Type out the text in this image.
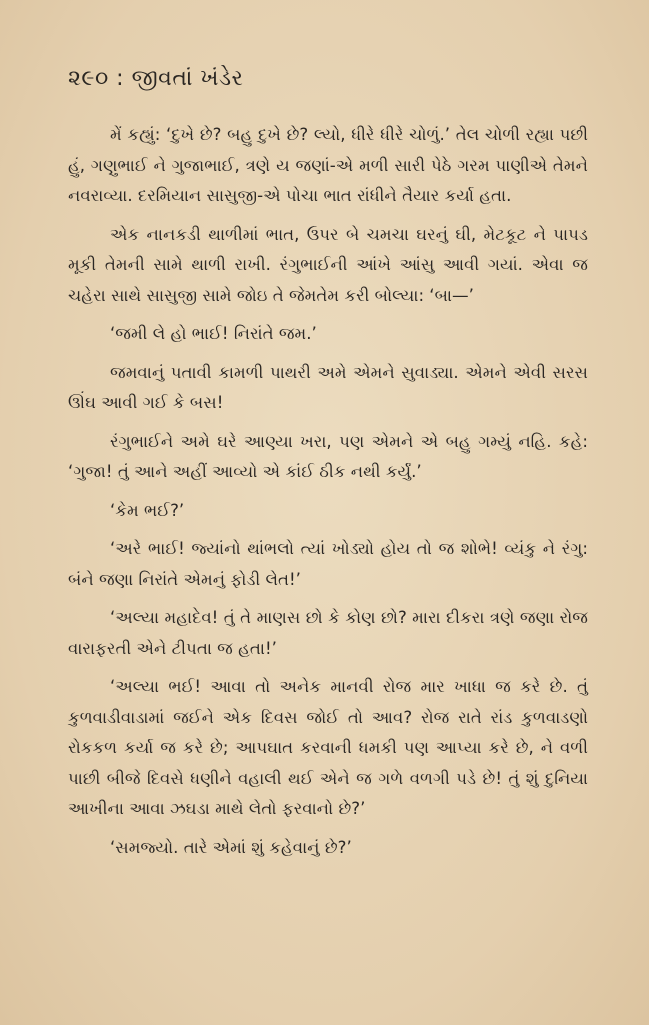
૨૯૦ : જીવતાં ખંડેર

મેં કહ્યું: ‘દુખે છે? બહુ દુખે છે? લ્યો, ધીરે ધીરે ચોળું.’ તેલ ચોળી રહ્યા પછી હું, ગણુભાઈ ને ગુજાભાઈ, ત્રણે ય જણાં-એ મળી સારી પેઠે ગરમ પાણીએ તેમને નવરાવ્યા. દરમિયાન સાસુજી-એ પોચા ભાત રાંધીને તૈયાર કર્યા હતા.

એક નાનકડી થાળીમાં ભાત, ઉપર બે ચમચા ઘરનું ઘી, મેટકૂટ ને પાપડ મૂકી તેમની સામે થાળી રાખી. રંગુભાઈની આંખે આંસુ આવી ગયાં. એવા જ ચહેરા સાથે સાસુજી સામે જોઇ તે જેમતેમ કરી બોલ્યા: ‘બા—’

‘જમી લે હો ભાઈ! નિરાંતે જમ.’

જમવાનું પતાવી કામળી પાથરી અમે એમને સુવાડ્યા. એમને એવી સરસ ઊંઘ આવી ગઈ કે બસ!

રંગુભાઈને અમે ઘરે આણ્યા ખરા, પણ એમને એ બહુ ગમ્યું નહિ. કહે: ‘ગુજા! તું આને અહીં આવ્યો એ કાંઈ ઠીક નથી કર્યું.’

‘કેમ ભઈ?’

‘અરે ભાઈ! જ્યાંનો થાંભલો ત્યાં ખોડ્યો હોય તો જ શોભે! વ્યંકુ ને રંગુ: બંને જણા નિરાંતે એમનું ફોડી લેત!’

‘અલ્યા મહાદેવ! તું તે માણસ છો કે કોણ છો? મારા દીકરા ત્રણે જણા રોજ વારાફરતી એને ટીપતા જ હતા!’

‘અલ્યા ભઈ! આવા તો અનેક માનવી રોજ માર ખાધા જ કરે છે. તું કુળવાડીવાડામાં જઈને એક દિવસ જોઈ તો આવ? રોજ રાતે રાંડ કુળવાડણો રોકકળ કર્યા જ કરે છે; આપઘાત કરવાની ધમકી પણ આપ્યા કરે છે, ને વળી પાછી બીજે દિવસે ધણીને વહાલી થઈ એને જ ગળે વળગી પડે છે! તું શું દુનિયા આખીના આવા ઝઘડા માથે લેતો ફરવાનો છે?’

‘સમજ્યો. તારે એમાં શું કહેવાનું છે?’
